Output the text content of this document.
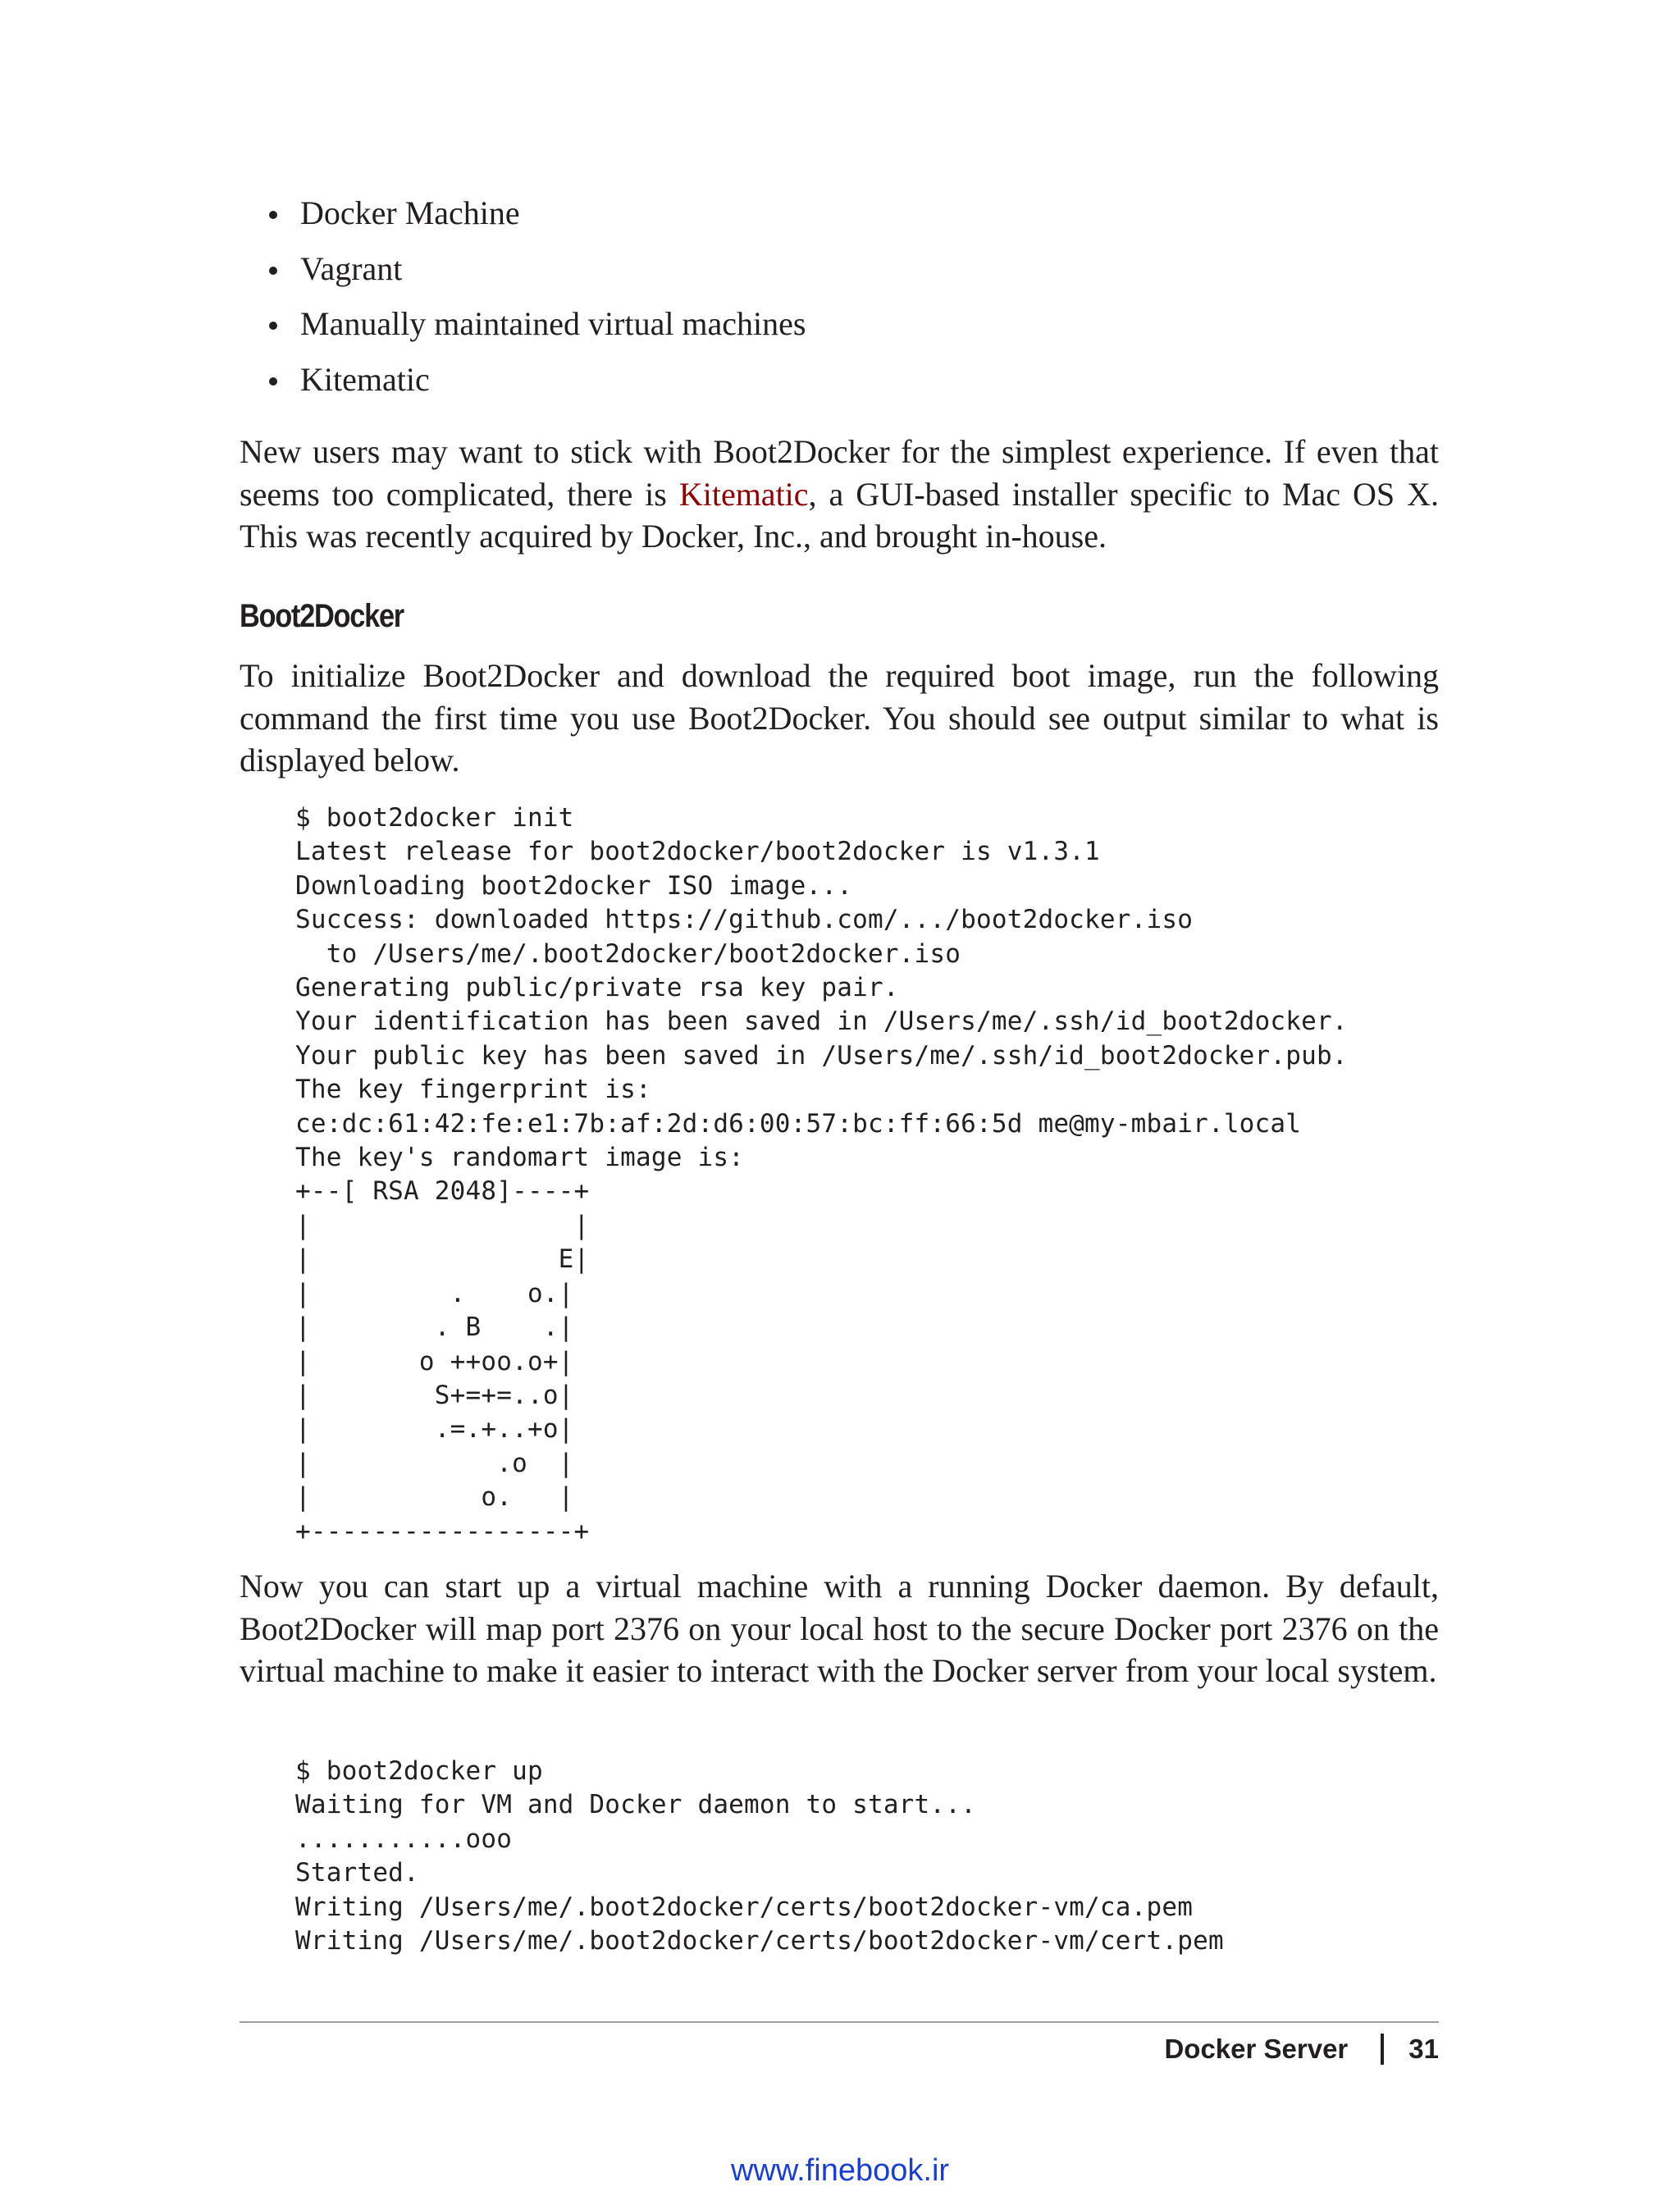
Docker Machine
Vagrant
Manually maintained virtual machines
Kitematic

New users may want to stick with Boot2Docker for the simplest experience. If even that seems too complicated, there is Kitematic, a GUI-based installer specific to Mac OS X. This was recently acquired by Docker, Inc., and brought in-house.

Boot2Docker

To initialize Boot2Docker and download the required boot image, run the following command the first time you use Boot2Docker. You should see output similar to what is displayed below.

$ boot2docker init
Latest release for boot2docker/boot2docker is v1.3.1
Downloading boot2docker ISO image...
Success: downloaded https://github.com/.../boot2docker.iso
to /Users/me/.boot2docker/boot2docker.iso
Generating public/private rsa key pair.
Your identification has been saved in /Users/me/.ssh/id_boot2docker.
Your public key has been saved in /Users/me/.ssh/id_boot2docker.pub.
The key fingerprint is:
ce:dc:61:42:fe:e1:7b:af:2d:d6:00:57:bc:ff:66:5d me@my-mbair.local
The key's randomart image is:
+--[ RSA 2048]----+
|                 |
|                E|
|         .    o.|
|        . B    .|
|       o ++oo.o+|
|        S+=+=..o|
|        .=.+..+o|
|            .o  |
|           o.   |
+-----------------+

Now you can start up a virtual machine with a running Docker daemon. By default, Boot2Docker will map port 2376 on your local host to the secure Docker port 2376 on the virtual machine to make it easier to interact with the Docker server from your local system.

$ boot2docker up
Waiting for VM and Docker daemon to start...
...........ooo
Started.
Writing /Users/me/.boot2docker/certs/boot2docker-vm/ca.pem
Writing /Users/me/.boot2docker/certs/boot2docker-vm/cert.pem
Docker Server 31
www.finebook.ir
